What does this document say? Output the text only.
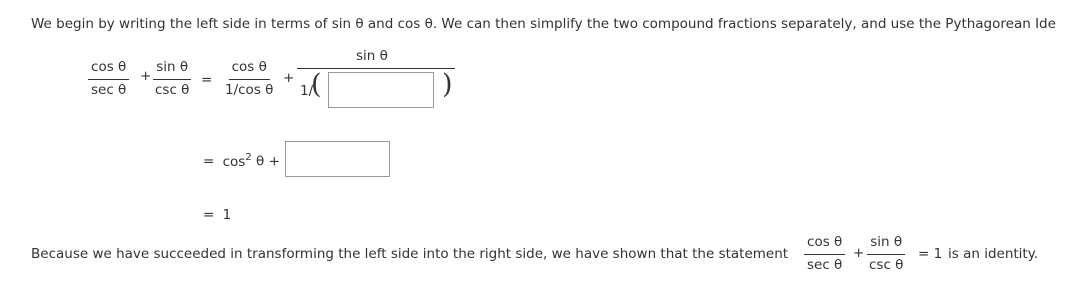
We begin by writing the left side in terms of sin θ and cos θ. We can then simplify the two compound fractions separately, and use the Pythagorean Ide
$\frac{\text{cos θ}}{\text{sec θ}} + \frac{\text{sin θ}}{\text{csc θ}} = \frac{\text{cos θ}}{\text{1/cos θ}}$ +
sin θ
1/
(	)
= $\cos^2 \theta$ +
= 1
Because we have succeeded in transforming the left side into the right side, we have shown that the statement $\frac{\text{cos θ}}{\text{sec θ}} + \frac{\text{sin θ}}{\text{csc θ}} = 1$ is an identity.
